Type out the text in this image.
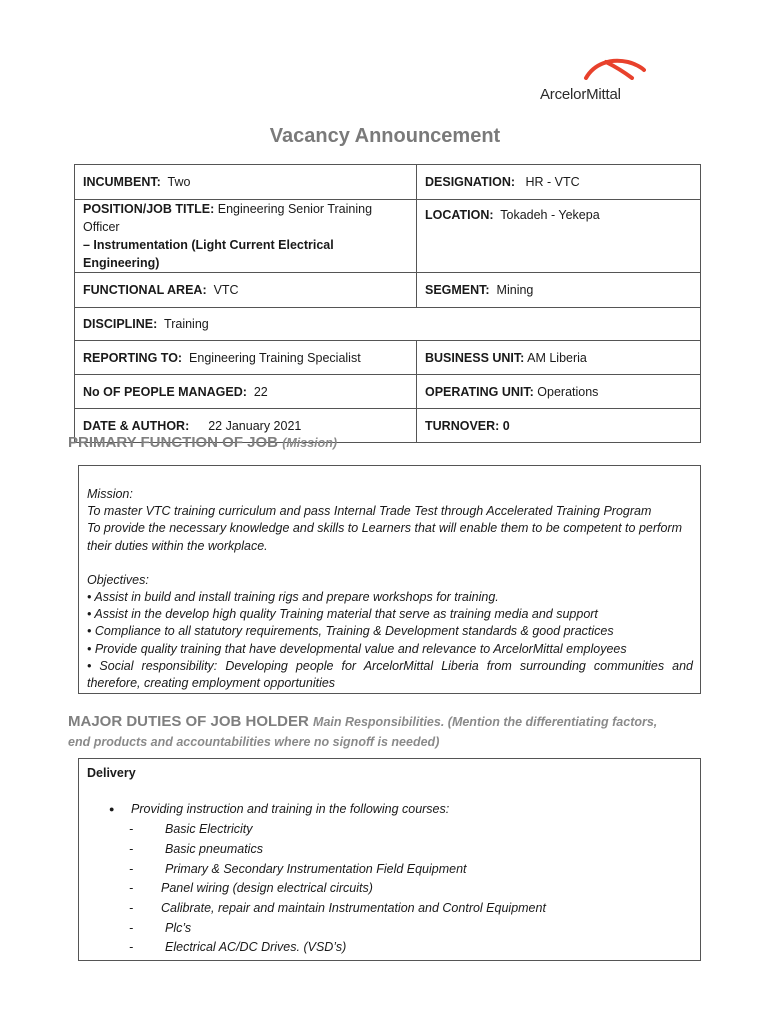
ArcelorMittal
Vacancy Announcement
INCUMBENT: Two	DESIGNATION: HR - VTC
POSITION/JOB TITLE: Engineering Senior Training Officer
– Instrumentation (Light Current Electrical Engineering)	LOCATION: Tokadeh - Yekepa
FUNCTIONAL AREA: VTC	SEGMENT: Mining
DISCIPLINE: Training	
REPORTING TO: Engineering Training Specialist	BUSINESS UNIT: AM Liberia
No OF PEOPLE MANAGED: 22	OPERATING UNIT: Operations
DATE & AUTHOR: 22 January 2021	TURNOVER: 0
PRIMARY FUNCTION OF JOB (Mission)
Mission:
To master VTC training curriculum and pass Internal Trade Test through Accelerated Training Program
To provide the necessary knowledge and skills to Learners that will enable them to be competent to perform
their duties within the workplace.
Objectives:
• Assist in build and install training rigs and prepare workshops for training.
• Assist in the develop high quality Training material that serve as training media and support
• Compliance to all statutory requirements, Training & Development standards & good practices
• Provide quality training that have developmental value and relevance to ArcelorMittal employees
• Social responsibility: Developing people for ArcelorMittal Liberia from surrounding communities and
therefore, creating employment opportunities
MAJOR DUTIES OF JOB HOLDER Main Responsibilities. (Mention the differentiating factors,
end products and accountabilities where no signoff is needed)
Delivery
● Providing instruction and training in the following courses:
-	Basic Electricity
-	Basic pneumatics
-	Primary & Secondary Instrumentation Field Equipment
- Panel wiring (design electrical circuits)
- Calibrate, repair and maintain Instrumentation and Control Equipment
-	Plc’s
-	Electrical AC/DC Drives. (VSD’s)
